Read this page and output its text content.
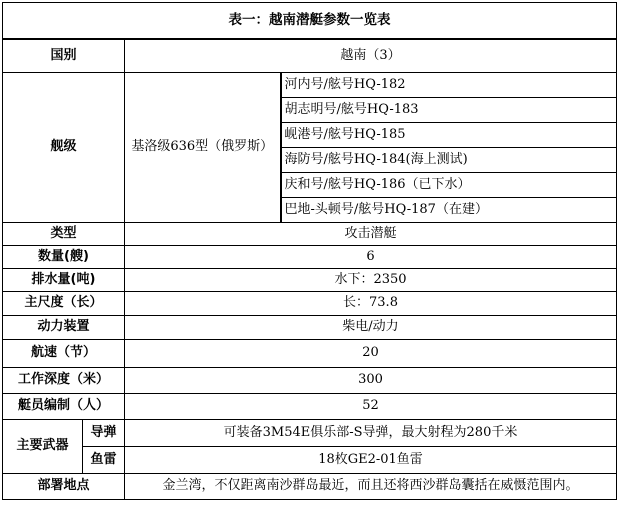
表一：越南潜艇参数一览表			
国别		越南（3）	
舰级		基洛级636型（俄罗斯）	河内号/舷号HQ-182
			胡志明号/舷号HQ-183
			岘港号/舷号HQ-185
			海防号/舷号HQ-184(海上测试)
			庆和号/舷号HQ-186（已下水）
			巴地-头顿号/舷号HQ-187（在建）
类型		攻击潜艇	
数量(艘)		6	
排水量(吨)		水下：2350	
主尺度（长）		长：73.8	
动力装置		柴电/动力	
航速（节）		20	
工作深度（米）		300	
艇员编制（人）		52	
主要武器	导弹	可装备3M54E俱乐部-S导弹，最大射程为280千米	
	鱼雷	18枚GE2-01鱼雷	
部署地点		金兰湾，不仅距离南沙群岛最近，而且还将西沙群岛囊括在威慑范围内。	
